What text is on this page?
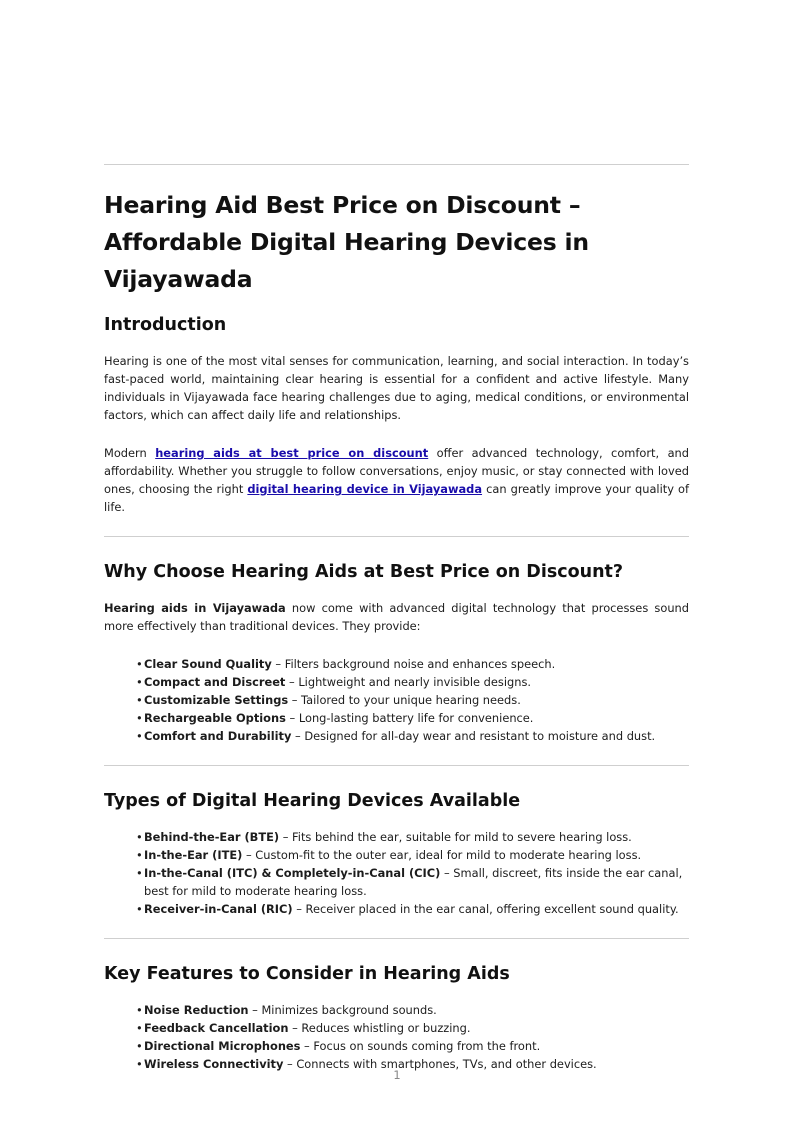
Hearing Aid Best Price on Discount – Affordable Digital Hearing Devices in Vijayawada
Introduction

Hearing is one of the most vital senses for communication, learning, and social interaction. In today’s fast-paced world, maintaining clear hearing is essential for a confident and active lifestyle. Many individuals in Vijayawada face hearing challenges due to aging, medical conditions, or environmental factors, which can affect daily life and relationships.

Modern hearing aids at best price on discount offer advanced technology, comfort, and affordability. Whether you struggle to follow conversations, enjoy music, or stay connected with loved ones, choosing the right digital hearing device in Vijayawada can greatly improve your quality of life.

Why Choose Hearing Aids at Best Price on Discount?

Hearing aids in Vijayawada now come with advanced digital technology that processes sound more effectively than traditional devices. They provide:

• Clear Sound Quality – Filters background noise and enhances speech.
• Compact and Discreet – Lightweight and nearly invisible designs.
• Customizable Settings – Tailored to your unique hearing needs.
• Rechargeable Options – Long-lasting battery life for convenience.
• Comfort and Durability – Designed for all-day wear and resistant to moisture and dust.
Types of Digital Hearing Devices Available
• Behind-the-Ear (BTE) – Fits behind the ear, suitable for mild to severe hearing loss.
• In-the-Ear (ITE) – Custom-fit to the outer ear, ideal for mild to moderate hearing loss.
• In-the-Canal (ITC) & Completely-in-Canal (CIC) – Small, discreet, fits inside the ear canal, best for mild to moderate hearing loss.
• Receiver-in-Canal (RIC) – Receiver placed in the ear canal, offering excellent sound quality.
Key Features to Consider in Hearing Aids
• Noise Reduction – Minimizes background sounds.
• Feedback Cancellation – Reduces whistling or buzzing.
• Directional Microphones – Focus on sounds coming from the front.
• Wireless Connectivity – Connects with smartphones, TVs, and other devices.
1
